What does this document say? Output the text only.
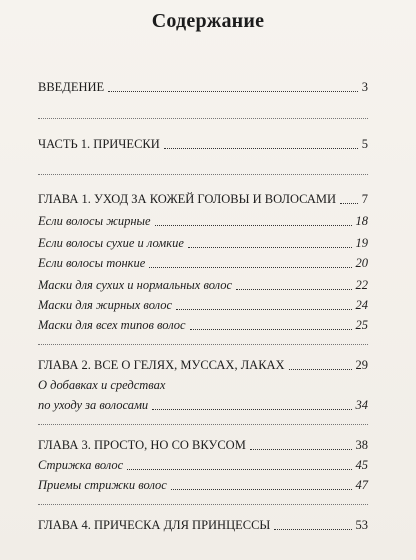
Содержание
ВВЕДЕНИЕ	3
ЧАСТЬ 1. ПРИЧЕСКИ	5
ГЛАВА 1. УХОД ЗА КОЖЕЙ ГОЛОВЫ И ВОЛОСАМИ	7
Если волосы жирные	18
Если волосы сухие и ломкие	19
Если волосы тонкие	20
Маски для сухих и нормальных волос	22
Маски для жирных волос	24
Маски для всех типов волос	25
ГЛАВА 2. ВСЕ О ГЕЛЯХ, МУССАХ, ЛАКАХ	29
О добавках и средствах
по уходу за волосами	34
ГЛАВА 3. ПРОСТО, НО СО ВКУСОМ	38
Стрижка волос	45
Приемы стрижки волос	47
ГЛАВА 4. ПРИЧЕСКА ДЛЯ ПРИНЦЕССЫ	53
